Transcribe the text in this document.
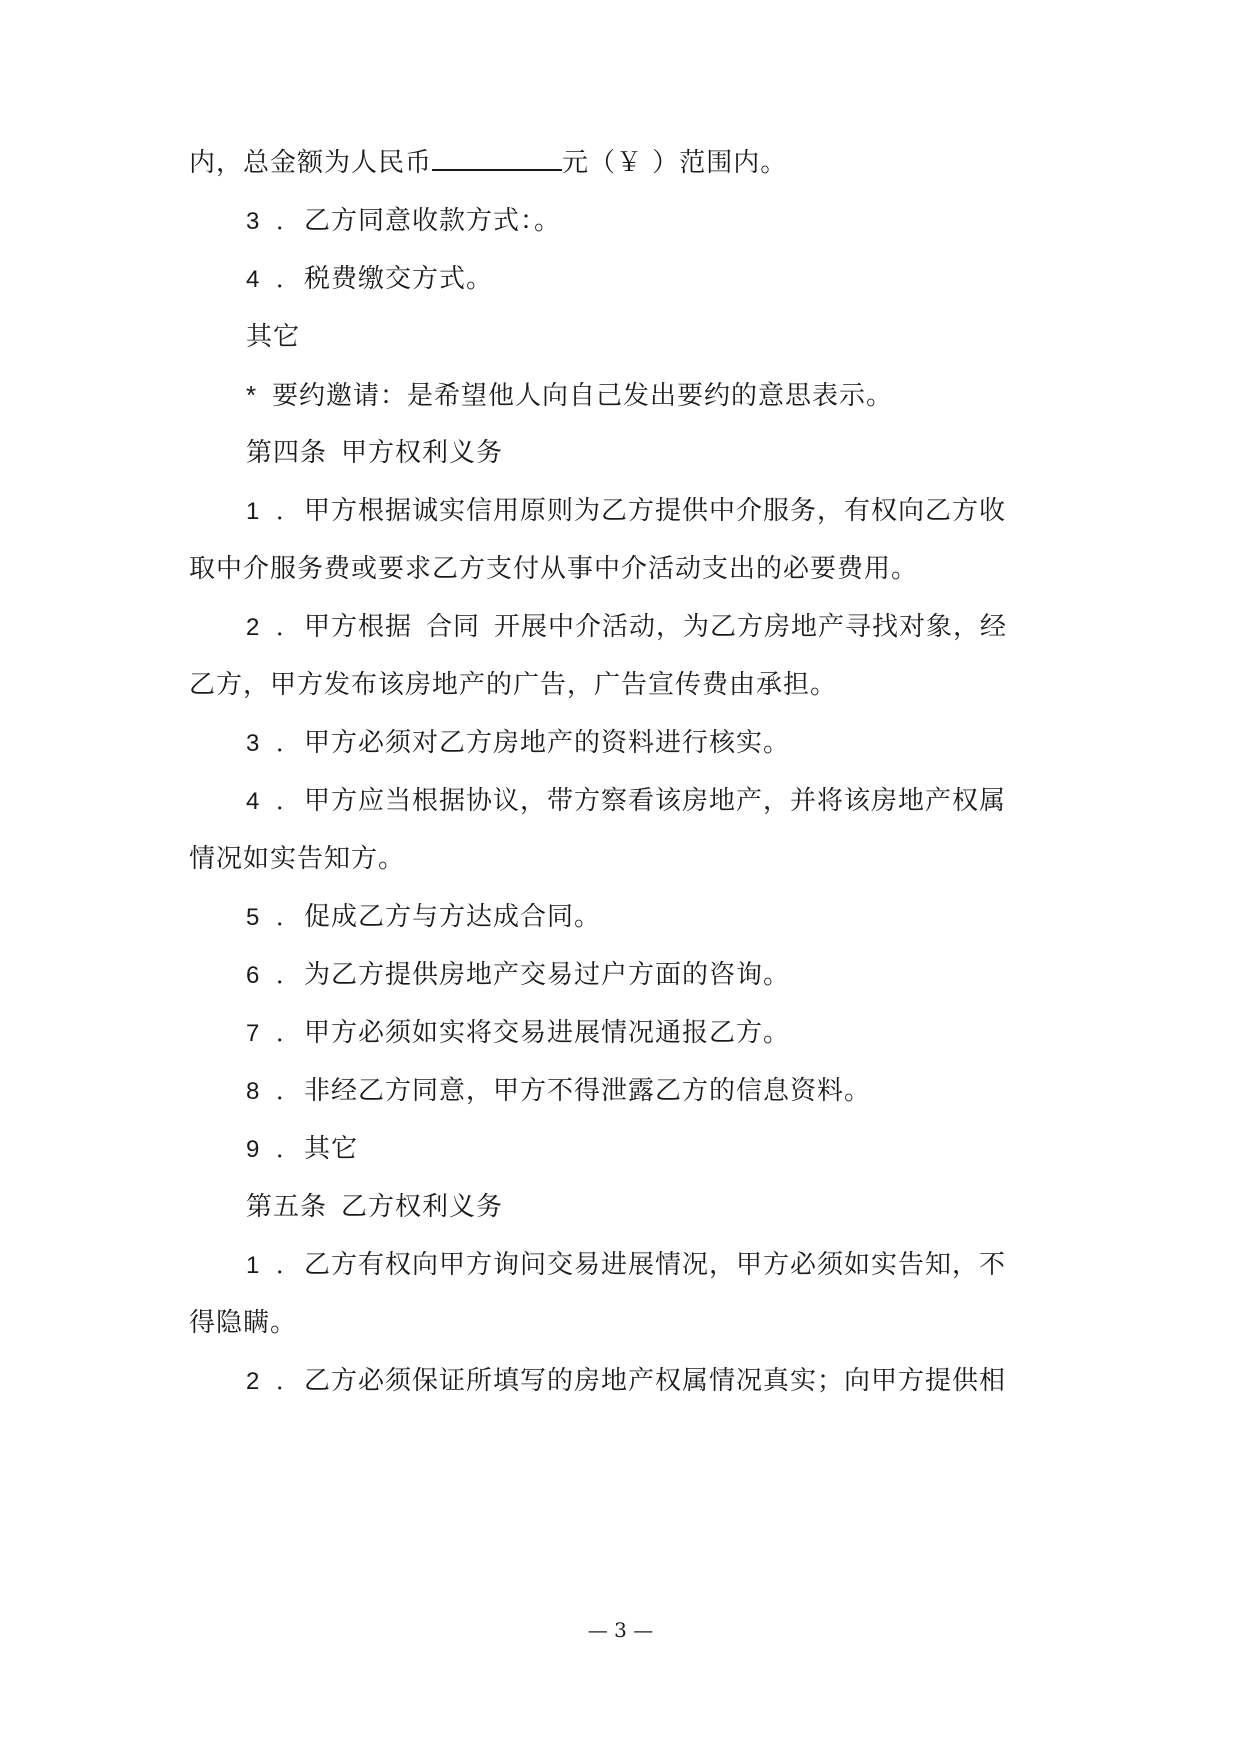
内，总金额为人民币	元（￥ ）范围内。
3 ． 乙方同意收款方式：。
4 ． 税费缴交方式。
其它
* 要约邀请：是希望他人向自己发出要约的意思表示。
第四条 甲方权利义务
1 ． 甲方根据诚实信用原则为乙方提供中介服务，有权向乙方收
取中介服务费或要求乙方支付从事中介活动支出的必要费用。
2 ． 甲方根据 合同 开展中介活动，为乙方房地产寻找对象，经
乙方，甲方发布该房地产的广告，广告宣传费由承担。
3 ． 甲方必须对乙方房地产的资料进行核实。
4 ． 甲方应当根据协议，带方察看该房地产，并将该房地产权属
情况如实告知方。
5 ． 促成乙方与方达成合同。
6 ． 为乙方提供房地产交易过户方面的咨询。
7 ． 甲方必须如实将交易进展情况通报乙方。
8 ． 非经乙方同意，甲方不得泄露乙方的信息资料。
9 ． 其它
第五条 乙方权利义务
1 ． 乙方有权向甲方询问交易进展情况，甲方必须如实告知，不
得隐瞒。
2 ． 乙方必须保证所填写的房地产权属情况真实；向甲方提供相
— 3 —
